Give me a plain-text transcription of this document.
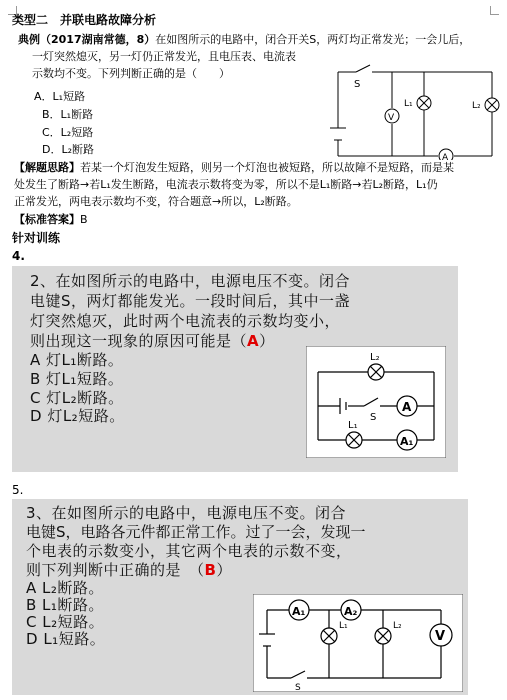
类型二　并联电路故障分析
典例（2017湖南常德，8）在如图所示的电路中，闭合开关S，两灯均正常发光；一会儿后，
一灯突然熄灭，另一灯仍正常发光，且电压表、电流表
示数均不变。下列判断正确的是（　　）
A．L₁短路
B．L₁断路
C．L₂短路
D．L₂断路
S
V
L₁	L₂
A
【解题思路】若某一个灯泡发生短路，则另一个灯泡也被短路，所以故障不是短路，而是某
处发生了断路→若L₁发生断路，电流表示数将变为零，所以不是L₁断路→若L₂断路，L₁仍
正常发光，两电表示数均不变，符合题意→所以，L₂断路。
【标准答案】B
针对训练
4.
2、在如图所示的电路中，电源电压不变。闭合
电键S，两灯都能发光。一段时间后，其中一盏
灯突然熄灭，此时两个电流表的示数均变小，
则出现这一现象的原因可能是（A）
A 灯L₁断路。
B 灯L₁短路。
C 灯L₂断路。
D 灯L₂短路。
L₂
L₁
S
A
A₁
5.
3、在如图所示的电路中，电源电压不变。闭合
电键S，电路各元件都正常工作。过了一会，发现一
个电表的示数变小，其它两个电表的示数不变，
则下列判断中正确的是　（B）
A L₂断路。
B L₁断路。
C L₂短路。
D L₁短路。
A₁	A₂
L₁	L₂
V
S
